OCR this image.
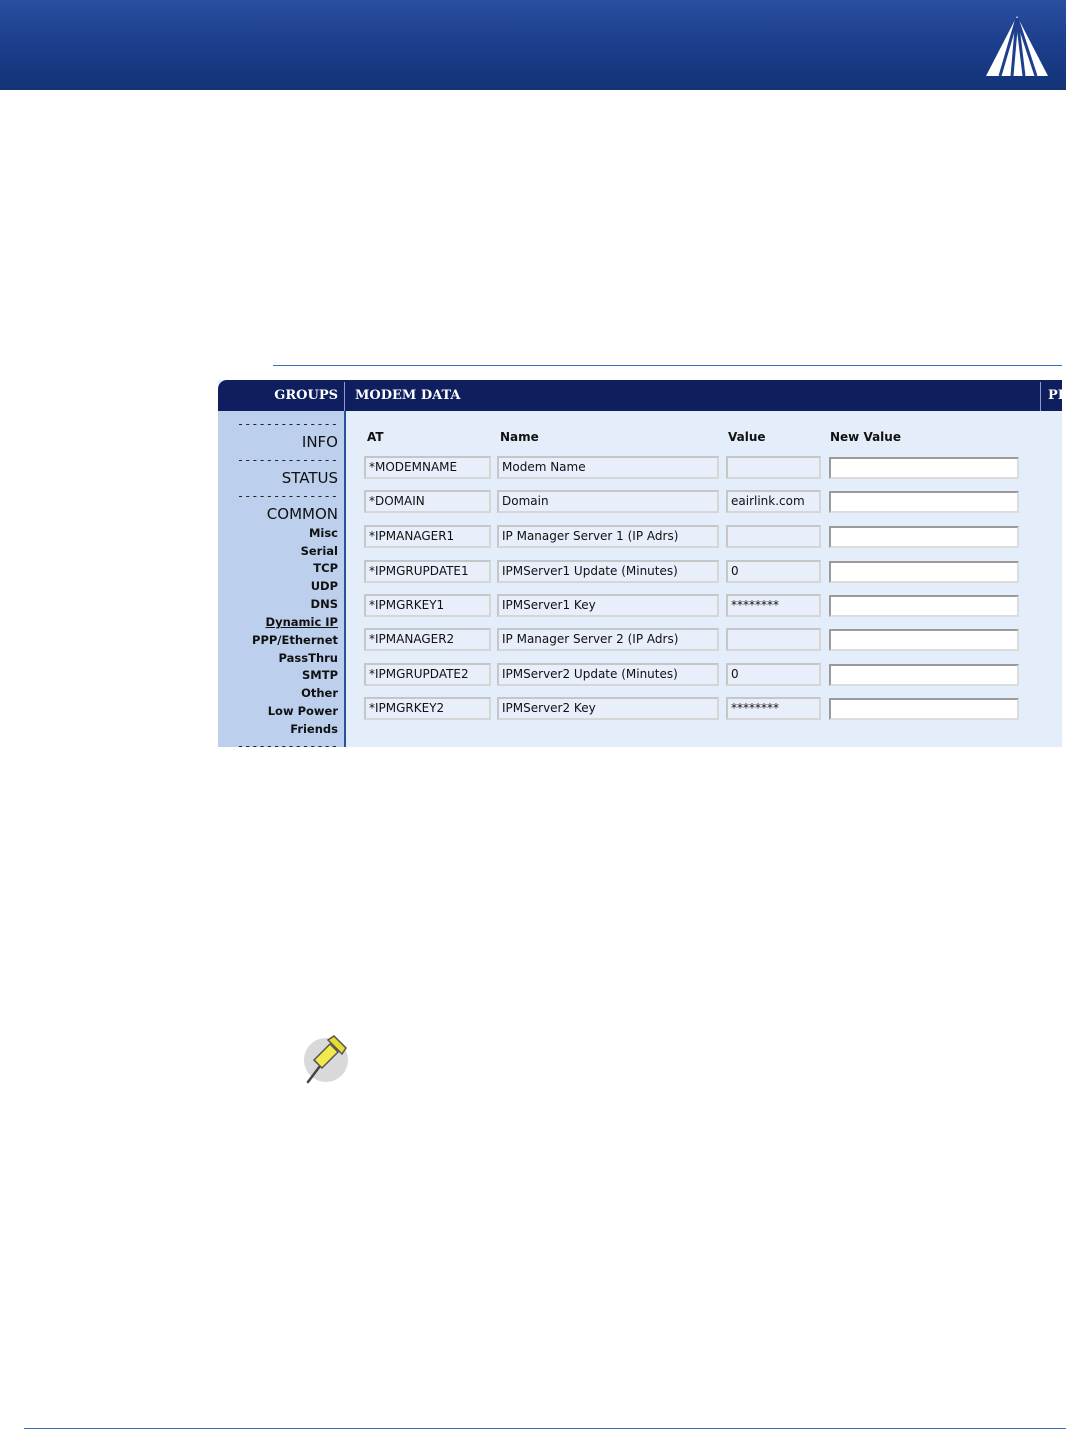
GROUPS MODEM DATA	PI
--------------
INFO
--------------
STATUS
--------------
COMMON
Misc
Serial
TCP
UDP
DNS
Dynamic IP
PPP/Ethernet
PassThru
SMTP
Other
Low Power
Friends
--------------
AT	Name	Value	New Value
*MODEMNAME	Modem Name
*DOMAIN	Domain	eairlink.com
*IPMANAGER1	IP Manager Server 1 (IP Adrs)
*IPMGRUPDATE1	IPMServer1 Update (Minutes)	0
*IPMGRKEY1	IPMServer1 Key	********
*IPMANAGER2	IP Manager Server 2 (IP Adrs)
*IPMGRUPDATE2	IPMServer2 Update (Minutes)	0
*IPMGRKEY2	IPMServer2 Key	********
